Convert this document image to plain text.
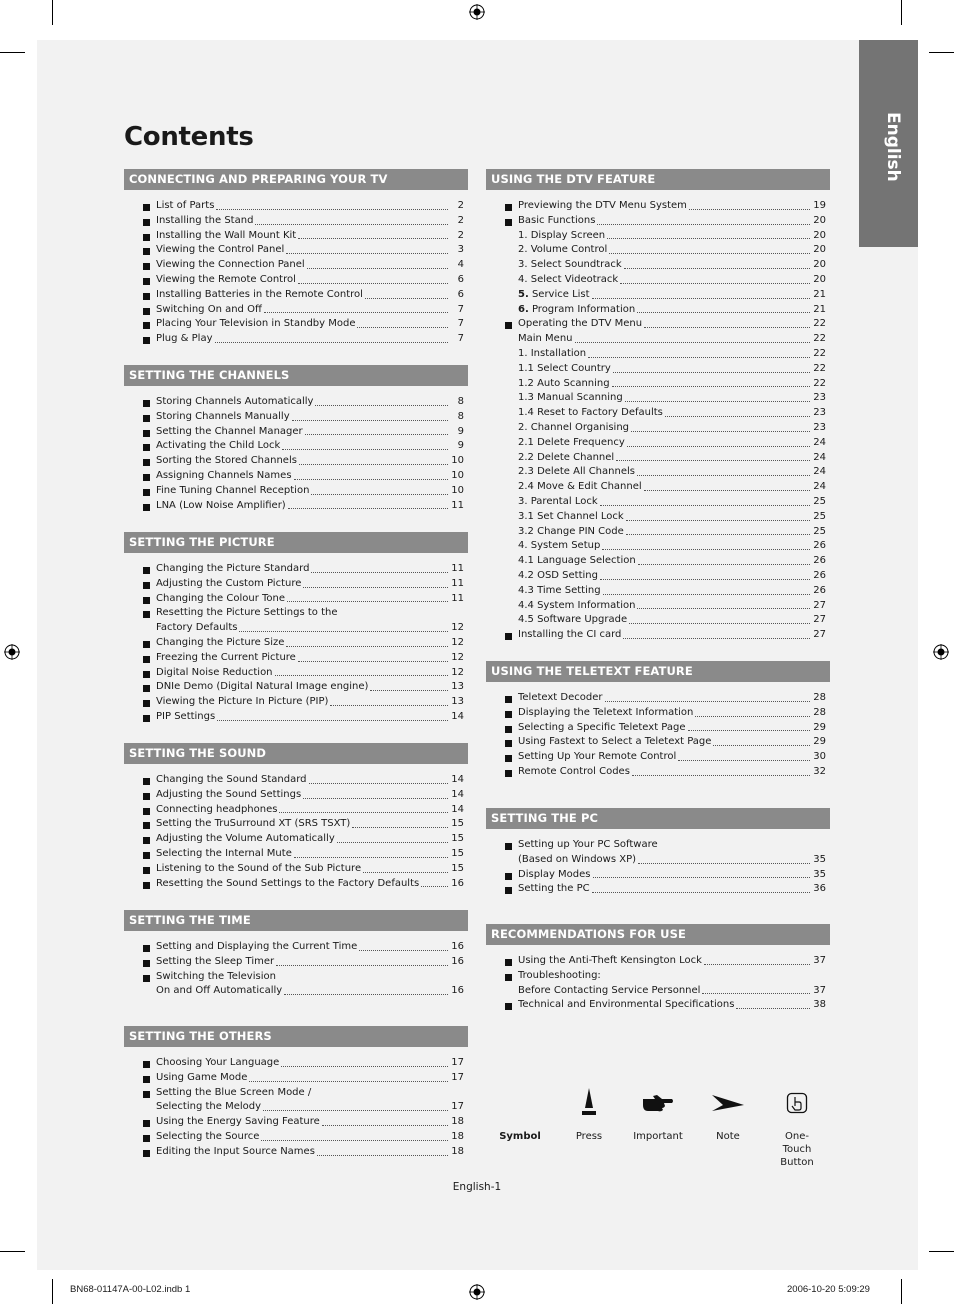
English
Contents
CONNECTING AND PREPARING YOUR TV
List of Parts	2
Installing the Stand	2
Installing the Wall Mount Kit	2
Viewing the Control Panel	3
Viewing the Connection Panel	4
Viewing the Remote Control	6
Installing Batteries in the Remote Control	6
Switching On and Off	7
Placing Your Television in Standby Mode	7
Plug & Play	7
SETTING THE CHANNELS
Storing Channels Automatically	8
Storing Channels Manually	8
Setting the Channel Manager	9
Activating the Child Lock	9
Sorting the Stored Channels	10
Assigning Channels Names	10
Fine Tuning Channel Reception	10
LNA (Low Noise Amplifier)	11
SETTING THE PICTURE
Changing the Picture Standard	11
Adjusting the Custom Picture	11
Changing the Colour Tone	11
Resetting the Picture Settings to the
Factory Defaults	12
Changing the Picture Size	12
Freezing the Current Picture	12
Digital Noise Reduction	12
DNIe Demo (Digital Natural Image engine)	13
Viewing the Picture In Picture (PIP)	13
PIP Settings	14
SETTING THE SOUND
Changing the Sound Standard	14
Adjusting the Sound Settings	14
Connecting headphones	14
Setting the TruSurround XT (SRS TSXT)	15
Adjusting the Volume Automatically	15
Selecting the Internal Mute	15
Listening to the Sound of the Sub Picture	15
Resetting the Sound Settings to the Factory Defaults	16
SETTING THE TIME
Setting and Displaying the Current Time	16
Setting the Sleep Timer	16
Switching the Television
On and Off Automatically	16
SETTING THE OTHERS
Choosing Your Language	17
Using Game Mode	17
Setting the Blue Screen Mode /
Selecting the Melody	17
Using the Energy Saving Feature	18
Selecting the Source	18
Editing the Input Source Names	18
USING THE DTV FEATURE
Previewing the DTV Menu System	19
Basic Functions	20
1. Display Screen	20
2. Volume Control	20
3. Select Soundtrack	20
4. Select Videotrack	20
5. Service List	21
6. Program Information	21
Operating the DTV Menu	22
Main Menu	22
1. Installation	22
1.1 Select Country	22
1.2 Auto Scanning	22
1.3 Manual Scanning	23
1.4 Reset to Factory Defaults	23
2. Channel Organising	23
2.1 Delete Frequency	24
2.2 Delete Channel	24
2.3 Delete All Channels	24
2.4 Move & Edit Channel	24
3. Parental Lock	25
3.1 Set Channel Lock	25
3.2 Change PIN Code	25
4. System Setup	26
4.1 Language Selection	26
4.2 OSD Setting	26
4.3 Time Setting	26
4.4 System Information	27
4.5 Software Upgrade	27
Installing the CI card	27
USING THE TELETEXT FEATURE
Teletext Decoder	28
Displaying the Teletext Information	28
Selecting a Specific Teletext Page	29
Using Fastext to Select a Teletext Page	29
Setting Up Your Remote Control	30
Remote Control Codes	32
SETTING THE PC
Setting up Your PC Software
(Based on Windows XP)	35
Display Modes	35
Setting the PC	36
RECOMMENDATIONS FOR USE
Using the Anti-Theft Kensington Lock	37
Troubleshooting:
Before Contacting Service Personnel	37
Technical and Environmental Specifications	38
Symbol	Press	Important	Note	One-Touch Button
English-1
BN68-01147A-00-L02.indb 1	2006-10-20 5:09:29
